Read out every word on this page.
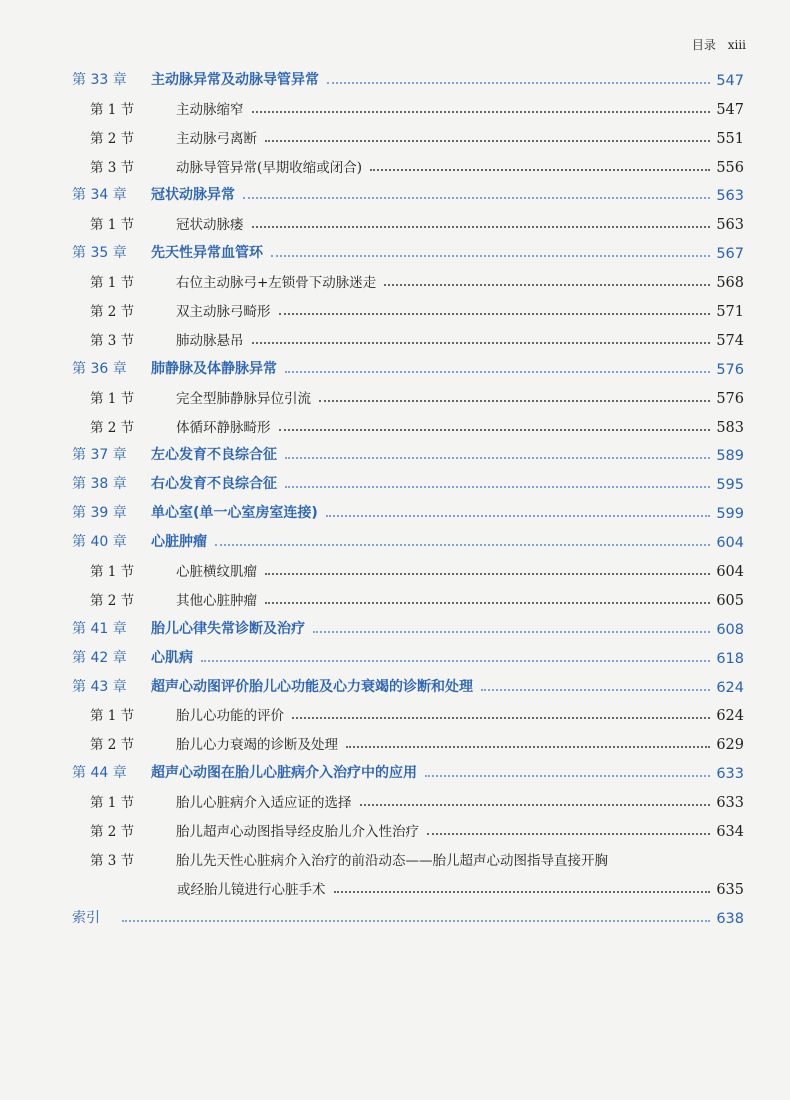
目录 xiii
第 33 章	主动脉异常及动脉导管异常	547
第 1 节	主动脉缩窄	547
第 2 节	主动脉弓离断	551
第 3 节	动脉导管异常(早期收缩或闭合)	556
第 34 章	冠状动脉异常	563
第 1 节	冠状动脉瘘	563
第 35 章	先天性异常血管环	567
第 1 节	右位主动脉弓+左锁骨下动脉迷走	568
第 2 节	双主动脉弓畸形	571
第 3 节	肺动脉悬吊	574
第 36 章	肺静脉及体静脉异常	576
第 1 节	完全型肺静脉异位引流	576
第 2 节	体循环静脉畸形	583
第 37 章	左心发育不良综合征	589
第 38 章	右心发育不良综合征	595
第 39 章	单心室(单一心室房室连接)	599
第 40 章	心脏肿瘤	604
第 1 节	心脏横纹肌瘤	604
第 2 节	其他心脏肿瘤	605
第 41 章	胎儿心律失常诊断及治疗	608
第 42 章	心肌病	618
第 43 章	超声心动图评价胎儿心功能及心力衰竭的诊断和处理	624
第 1 节	胎儿心功能的评价	624
第 2 节	胎儿心力衰竭的诊断及处理	629
第 44 章	超声心动图在胎儿心脏病介入治疗中的应用	633
第 1 节	胎儿心脏病介入适应证的选择	633
第 2 节	胎儿超声心动图指导经皮胎儿介入性治疗	634
第 3 节	胎儿先天性心脏病介入治疗的前沿动态——胎儿超声心动图指导直接开胸
或经胎儿镜进行心脏手术	635
索引	638
